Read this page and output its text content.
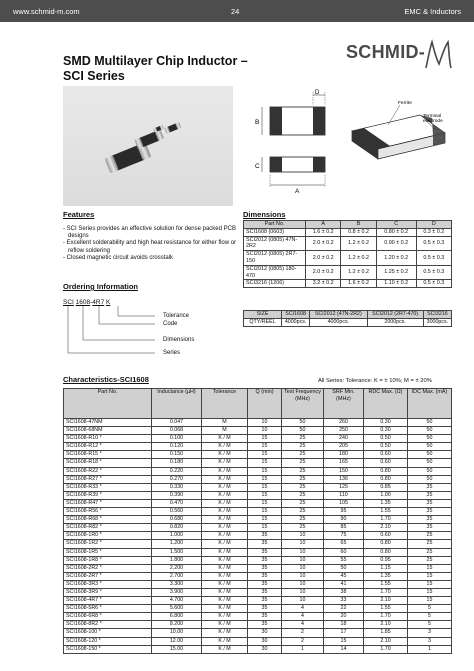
www.schmid-m.com	24	EMC & Inductors
SMD Multilayer Chip Inductor –
SCI Series
SCHMID-
D
B
A
C
Ferrite
Terminal
electrode
Features
- SCI Series provides an effective solution for dense packed PCB designs
- Excellent solderability and high heat resistance for either flow or reflow soldering
- Closed magnetic circuit avoids crosstalk
Ordering Information
SCI 1608-4R7 K
Tolerance
Code
Dimensions
Series
Dimensions
Part No.	A	B	C	D
SCI1608 (0603)	1.6 ± 0.2	0.8 ± 0.2	0.80 ± 0.2	0.3 ± 0.2
SCI2012 (0805) 47N-2R2	2.0 ± 0.2	1.2 ± 0.2	0.90 ± 0.2	0.5 ± 0.3
SCI2012 (0805) 2R7-150	2.0 ± 0.2	1.2 ± 0.2	1.20 ± 0.2	0.5 ± 0.3
SCI2012 (0805) 180-470	2.0 ± 0.2	1.2 ± 0.2	1.25 ± 0.2	0.5 ± 0.3
SCI3216 (1206)	3.2 ± 0.2	1.6 ± 0.2	1.10 ± 0.2	0.5 ± 0.3
SIZE	SCI1608	SCI2012 (47N-2R2)	SCI2012 (2R7-470)	SCI3216
QTY/REEL	4000pcs.	4000pcs.	2000pcs.	3000pcs.
Characteristics-SCI1608	All Series: Tolerance: K = ± 10%; M = ± 20%
Part No.	Inductance (µH)	Tolerance	Q (min)	Test Frequency (MHz)	SRF Min. (MHz)	RDC Max. (Ω)	IDC Max. (mA)
SCI1608-47NM	0.047	M	10	50	260	0.30	50
SCI1608-68NM	0.068	M	10	50	250	0.30	50
SCI1608-R10 *	0.100	K / M	15	25	240	0.50	50
SCI1608-R12 *	0.120	K / M	15	25	205	0.50	50
SCI1608-R15 *	0.150	K / M	15	25	180	0.60	50
SCI1608-R18 *	0.180	K / M	15	25	165	0.60	50
SCI1608-R22 *	0.220	K / M	15	25	150	0.80	50
SCI1608-R27 *	0.270	K / M	15	25	136	0.80	50
SCI1608-R33 *	0.330	K / M	15	25	125	0.85	35
SCI1608-R39 *	0.390	K / M	15	25	110	1.00	35
SCI1608-R47 *	0.470	K / M	15	25	105	1.35	35
SCI1608-R56 *	0.560	K / M	15	25	95	1.55	35
SCI1608-R68 *	0.680	K / M	15	25	90	1.70	35
SCI1608-R82 *	0.820	K / M	15	25	85	2.10	35
SCI1608-1R0 *	1.000	K / M	35	10	75	0.60	25
SCI1608-1R2 *	1.200	K / M	35	10	65	0.80	25
SCI1608-1R5 *	1.500	K / M	35	10	60	0.80	25
SCI1608-1R8 *	1.800	K / M	35	10	55	0.95	25
SCI1608-2R2 *	2.200	K / M	35	10	50	1.15	15
SCI1608-2R7 *	2.700	K / M	35	10	45	1.35	15
SCI1608-3R3 *	3.300	K / M	35	10	41	1.55	15
SCI1608-3R9 *	3.900	K / M	35	10	38	1.70	15
SCI1608-4R7 *	4.700	K / M	35	10	33	2.10	15
SCI1608-5R6 *	5.600	K / M	35	4	22	1.55	5
SCI1608-6R8 *	6.800	K / M	35	4	20	1.70	5
SCI1608-8R2 *	8.200	K / M	35	4	18	2.10	5
SCI1608-100 *	10.00	K / M	30	2	17	1.85	3
SCI1608-120 *	12.00	K / M	30	2	15	2.10	3
SCI1608-150 *	15.00	K / M	30	1	14	1.70	1
